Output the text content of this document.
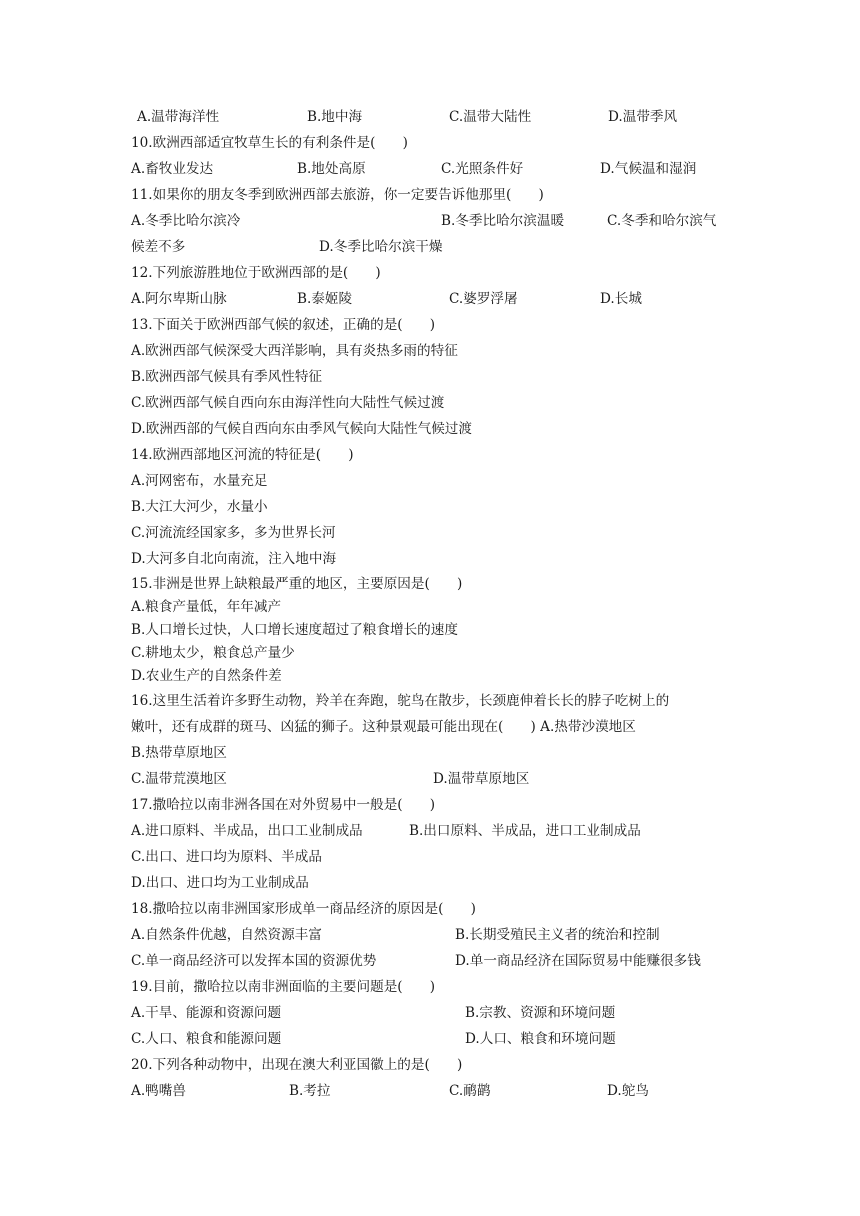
A.温带海洋性	B.地中海	C.温带大陆性	D.温带季风
10.欧洲西部适宜牧草生长的有利条件是(　　)
A.畜牧业发达	B.地处高原	C.光照条件好	D.气候温和湿润
11.如果你的朋友冬季到欧洲西部去旅游，你一定要告诉他那里(　　)
A.冬季比哈尔滨冷	B.冬季比哈尔滨温暖	C.冬季和哈尔滨气
候差不多	D.冬季比哈尔滨干燥
12.下列旅游胜地位于欧洲西部的是(　　)
A.阿尔卑斯山脉	B.泰姬陵	C.婆罗浮屠	D.长城
13.下面关于欧洲西部气候的叙述，正确的是(　　)
A.欧洲西部气候深受大西洋影响，具有炎热多雨的特征
B.欧洲西部气候具有季风性特征
C.欧洲西部气候自西向东由海洋性向大陆性气候过渡
D.欧洲西部的气候自西向东由季风气候向大陆性气候过渡
14.欧洲西部地区河流的特征是(　　)
A.河网密布，水量充足
B.大江大河少，水量小
C.河流流经国家多，多为世界长河
D.大河多自北向南流，注入地中海
15.非洲是世界上缺粮最严重的地区，主要原因是(　　)
A.粮食产量低，年年减产
B.人口增长过快，人口增长速度超过了粮食增长的速度
C.耕地太少，粮食总产量少
D.农业生产的自然条件差
16.这里生活着许多野生动物，羚羊在奔跑，鸵鸟在散步，长颈鹿伸着长长的脖子吃树上的
嫩叶，还有成群的斑马、凶猛的狮子。这种景观最可能出现在(　　) A.热带沙漠地区
B.热带草原地区
C.温带荒漠地区	D.温带草原地区
17.撒哈拉以南非洲各国在对外贸易中一般是(　　)
A.进口原料、半成品，出口工业制成品	B.出口原料、半成品，进口工业制成品
C.出口、进口均为原料、半成品
D.出口、进口均为工业制成品
18.撒哈拉以南非洲国家形成单一商品经济的原因是(　　)
A.自然条件优越，自然资源丰富	B.长期受殖民主义者的统治和控制
C.单一商品经济可以发挥本国的资源优势	D.单一商品经济在国际贸易中能赚很多钱
19.目前，撒哈拉以南非洲面临的主要问题是(　　)
A.干旱、能源和资源问题	B.宗教、资源和环境问题
C.人口、粮食和能源问题	D.人口、粮食和环境问题
20.下列各种动物中，出现在澳大利亚国徽上的是(　　)
A.鸭嘴兽	B.考拉	C.鸸鹋	D.鸵鸟
